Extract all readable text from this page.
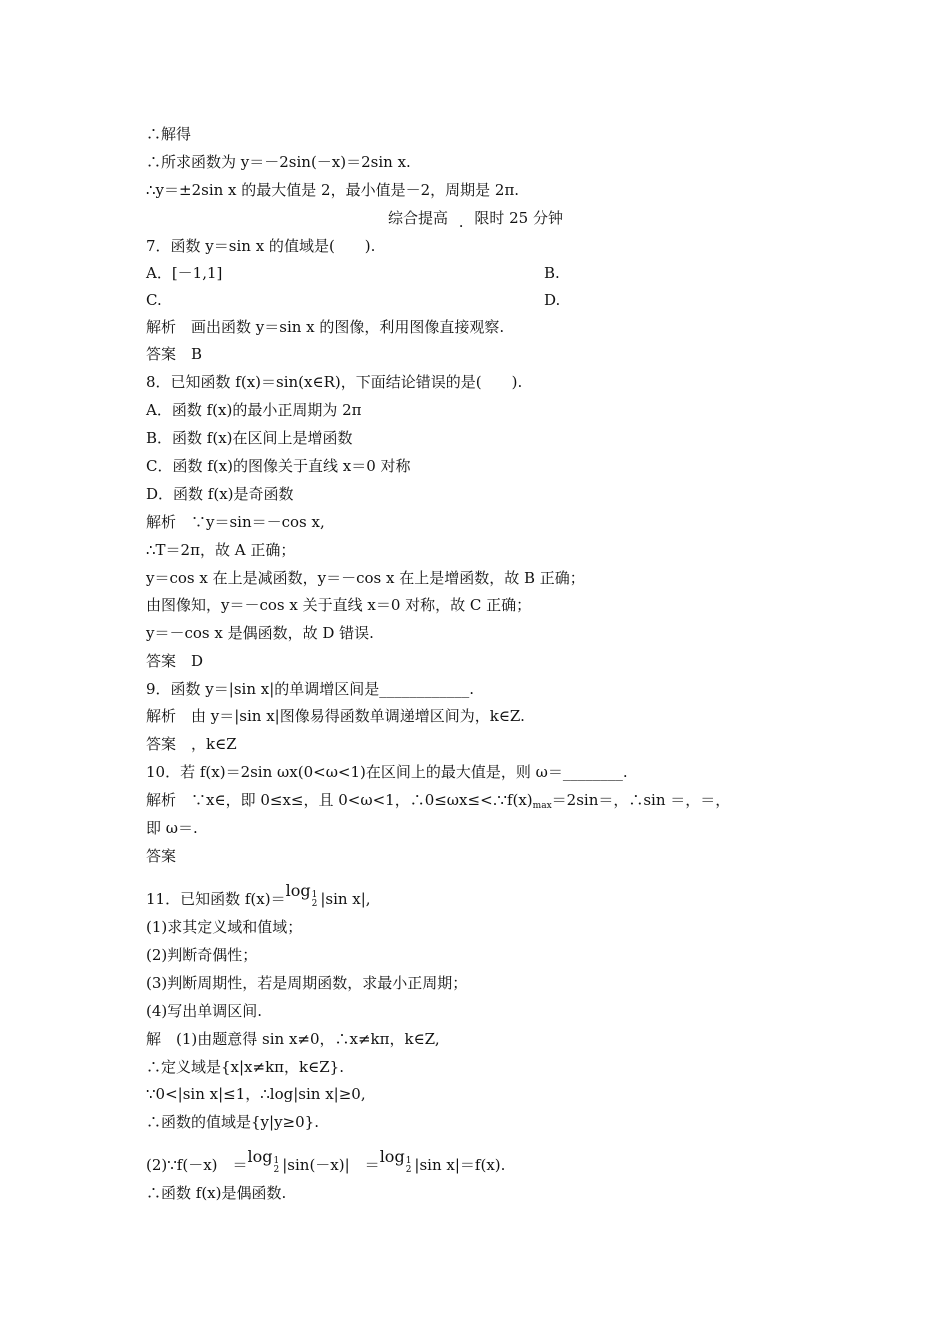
∴解得
∴所求函数为 y＝－2sin(－x)＝2sin x.
∴y＝±2sin x 的最大值是 2，最小值是－2，周期是 2π.
综合提高 . 限时 25 分钟
7．函数 y＝sin x 的值域是(　　).
A．[－1,1]	B.
C.	D.
解析　画出函数 y＝sin x 的图像，利用图像直接观察.
答案　B
8．已知函数 f(x)＝sin(x∈R)，下面结论错误的是(　　).
A．函数 f(x)的最小正周期为 2π
B．函数 f(x)在区间上是增函数
C．函数 f(x)的图像关于直线 x＝0 对称
D．函数 f(x)是奇函数
解析　∵y＝sin＝－cos x,
∴T＝2π，故 A 正确；
y＝cos x 在上是减函数，y＝－cos x 在上是增函数，故 B 正确；
由图像知，y＝－cos x 关于直线 x＝0 对称，故 C 正确；
y＝－cos x 是偶函数，故 D 错误.
答案　D
9．函数 y＝|sin x|的单调增区间是____________.
解析　由 y＝|sin x|图像易得函数单调递增区间为，k∈Z.
答案　，k∈Z
10．若 f(x)＝2sin ωx(0<ω<1)在区间上的最大值是，则 ω＝________.
解析　∵x∈，即 0≤x≤，且 0<ω<1，$\therefore 0\le\omega x\le<.\because f(x)_{max}=2\sin=$，∴sin ＝，＝，
即 ω＝.
答案
11．已知函数 f(x)＝log 1
2 |sin x|,
(1)求其定义域和值域；
(2)判断奇偶性；
(3)判断周期性，若是周期函数，求最小正周期；
(4)写出单调区间.
解　(1)由题意得 sin x≠0，∴x≠kπ，k∈Z,
∴定义域是{x|x≠kπ，k∈Z}.
∵0<|sin x|≤1，∴log|sin x|≥0,
∴函数的值域是{y|y≥0}.
(2)∵f(－x)　＝log 1
2 |sin(－x)|　＝log 1
2 |sin x|＝f(x).
∴函数 f(x)是偶函数.
